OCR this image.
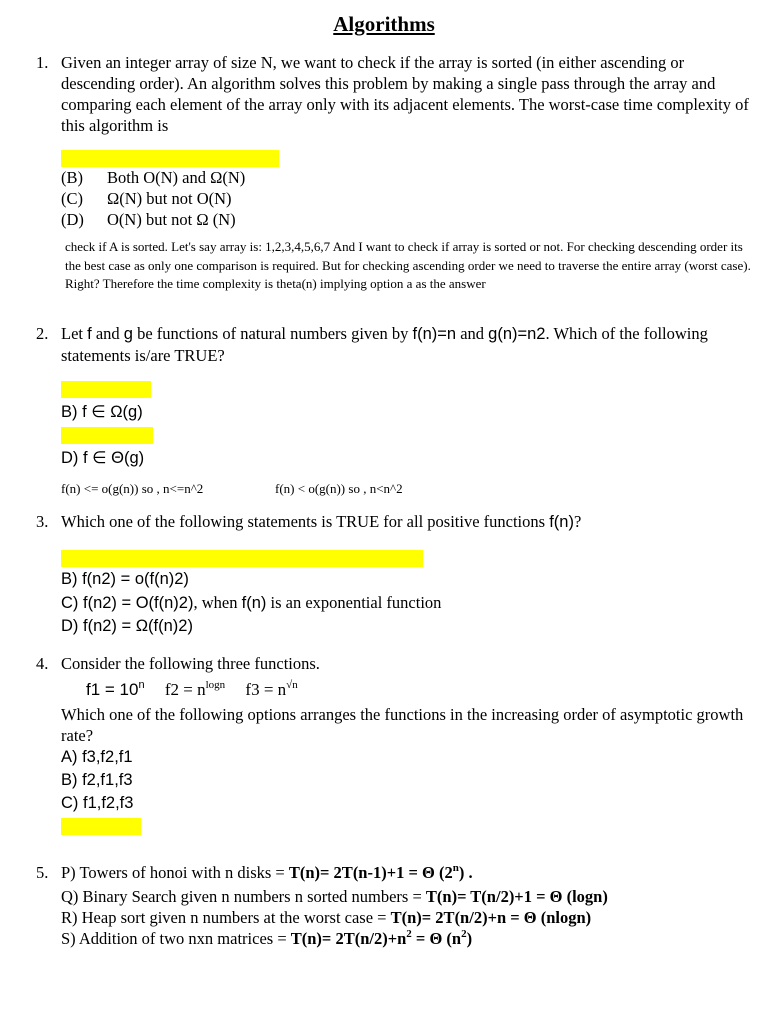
Algorithms
1. Given an integer array of size N, we want to check if the array is sorted (in either ascending or descending order). An algorithm solves this problem by making a single pass through the array and comparing each element of the array only with its adjacent elements. The worst-case time complexity of this algorithm is
(B)	Both O(N) and Ω(N)
(C)	Ω(N) but not O(N)
(D)	O(N) but not Ω (N)
check if A is sorted. Let's say array is: 1,2,3,4,5,6,7 And I want to check if array is sorted or not. For checking descending order its the best case as only one comparison is required. But for checking ascending order we need to traverse the entire array (worst case). Right? Therefore the time complexity is theta(n) implying option a as the answer
2. Let f and g be functions of natural numbers given by f(n)=n and g(n)=n2. Which of the following statements is/are TRUE?
B) f ∈ Ω(g)
D) f ∈ Θ(g)
f(n) <= o(g(n)) so , n<=n^2	f(n) < o(g(n)) so , n<n^2
3. Which one of the following statements is TRUE for all positive functions f(n)?
B) f(n2) = o(f(n)2)
C) f(n2) = O(f(n)2), when f(n) is an exponential function
D) f(n2) = Ω(f(n)2)
4. Consider the following three functions.
$f1 = 10^n$ $f2 = n^{logn}$ $f3 = n^{√n}$
Which one of the following options arranges the functions in the increasing order of asymptotic growth rate?
A) f3,f2,f1
B) f2,f1,f3
C) f1,f2,f3
5. P) Towers of honoi with n disks = T(n)= 2T(n-1)+1 = Θ (2$^n$) .
Q) Binary Search given n numbers n sorted numbers = T(n)= T(n/2)+1 = Θ (logn)
R) Heap sort given n numbers at the worst case = T(n)= 2T(n/2)+n = Θ (nlogn)
S) Addition of two nxn matrices = $T(n)= 2T(n/2)+n^2 = \Theta$ $(n^2)$
